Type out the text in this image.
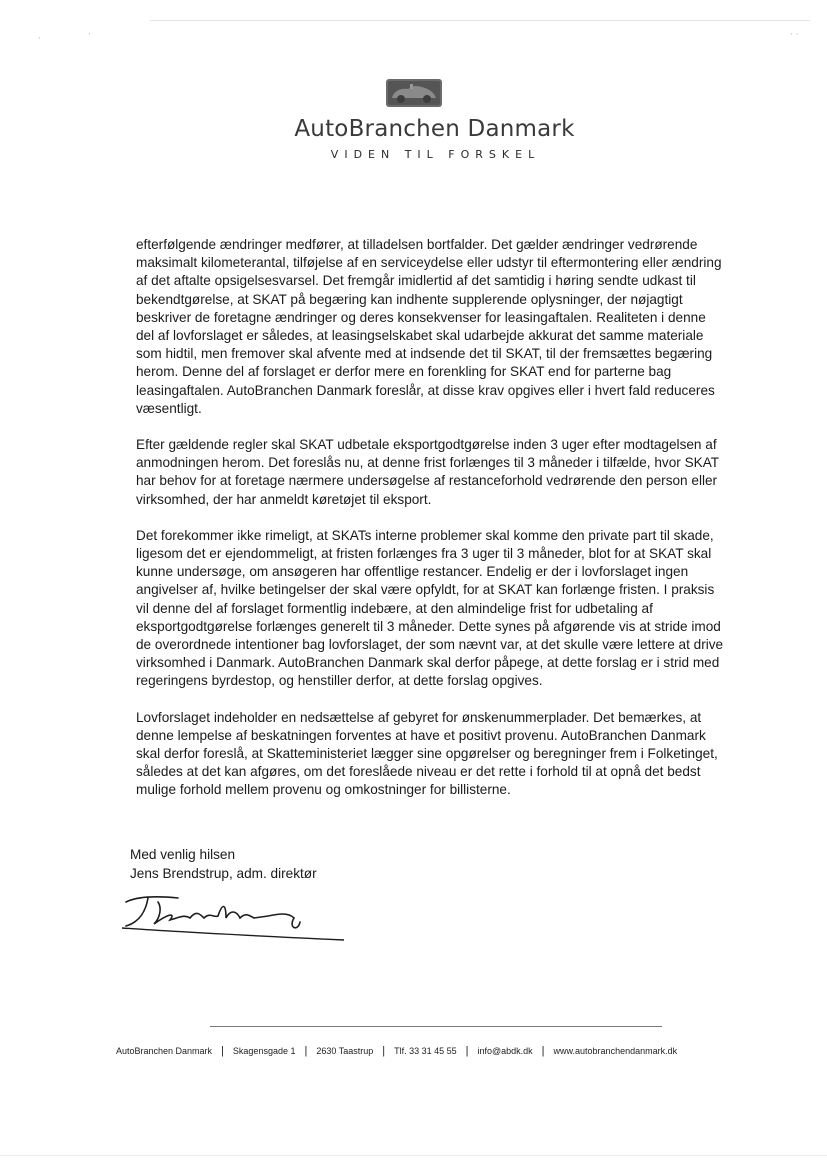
·	·	· ·
AutoBranchen Danmark
VIDEN TIL FORSKEL

efterfølgende ændringer medfører, at tilladelsen bortfalder. Det gælder ændringer vedrørende maksimalt kilometerantal, tilføjelse af en serviceydelse eller udstyr til eftermontering eller ændring af det aftalte opsigelsesvarsel. Det fremgår imidlertid af det samtidig i høring sendte udkast til bekendtgørelse, at SKAT på begæring kan indhente supplerende oplysninger, der nøjagtigt beskriver de foretagne ændringer og deres konsekvenser for leasingaftalen. Realiteten i denne del af lovforslaget er således, at leasingselskabet skal udarbejde akkurat det samme materiale som hidtil, men fremover skal afvente med at indsende det til SKAT, til der fremsættes begæring herom. Denne del af forslaget er derfor mere en forenkling for SKAT end for parterne bag leasingaftalen. AutoBranchen Danmark foreslår, at disse krav opgives eller i hvert fald reduceres væsentligt.

Efter gældende regler skal SKAT udbetale eksportgodtgørelse inden 3 uger efter modtagelsen af anmodningen herom. Det foreslås nu, at denne frist forlænges til 3 måneder i tilfælde, hvor SKAT har behov for at foretage nærmere undersøgelse af restanceforhold vedrørende den person eller virksomhed, der har anmeldt køretøjet til eksport.

Det forekommer ikke rimeligt, at SKATs interne problemer skal komme den private part til skade, ligesom det er ejendommeligt, at fristen forlænges fra 3 uger til 3 måneder, blot for at SKAT skal kunne undersøge, om ansøgeren har offentlige restancer. Endelig er der i lovforslaget ingen angivelser af, hvilke betingelser der skal være opfyldt, for at SKAT kan forlænge fristen. I praksis vil denne del af forslaget formentlig indebære, at den almindelige frist for udbetaling af eksportgodtgørelse forlænges generelt til 3 måneder. Dette synes på afgørende vis at stride imod de overordnede intentioner bag lovforslaget, der som nævnt var, at det skulle være lettere at drive virksomhed i Danmark. AutoBranchen Danmark skal derfor påpege, at dette forslag er i strid med regeringens byrdestop, og henstiller derfor, at dette forslag opgives.

Lovforslaget indeholder en nedsættelse af gebyret for ønskenummerplader. Det bemærkes, at denne lempelse af beskatningen forventes at have et positivt provenu. AutoBranchen Danmark skal derfor foreslå, at Skatteministeriet lægger sine opgørelser og beregninger frem i Folketinget, således at det kan afgøres, om det foreslåede niveau er det rette i forhold til at opnå det bedst mulige forhold mellem provenu og omkostninger for billisterne.

Med venlig hilsen
Jens Brendstrup, adm. direktør
AutoBranchen Danmark | Skagensgade 1 | 2630 Taastrup | Tlf. 33 31 45 55 | info@abdk.dk | www.autobranchendanmark.dk
